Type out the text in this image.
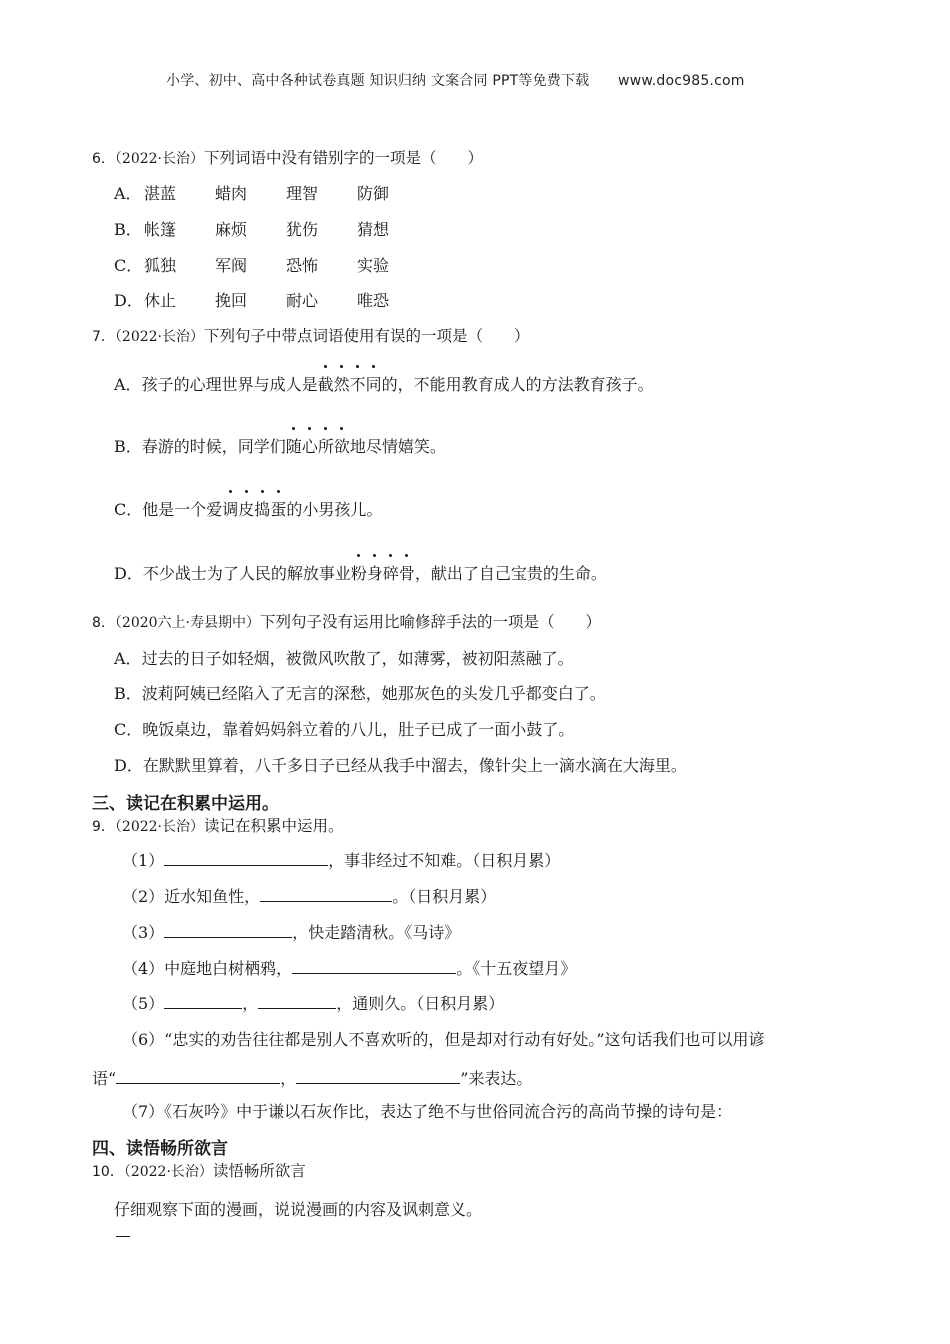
小学、初中、高中各种试卷真题 知识归纳 文案合同 PPT等免费下载 www.doc985.com
6．（2022·长治）下列词语中没有错别字的一项是（　　）
A． 湛蓝 蜡肉 理智 防御
B． 帐篷 麻烦 犹伤 猜想
C． 狐独 军阀 恐怖 实验
D．休止 挽回 耐心 唯恐
7．（2022·长治）下列句子中带点词语使用有误的一项是（　　）
A．孩子的心理世界与成人是截然不同的，不能用教育成人的方法教育孩子。
B．春游的时候，同学们随心所欲地尽情嬉笑。
C．他是一个爱调皮捣蛋的小男孩儿。
D．不少战士为了人民的解放事业粉身碎骨，献出了自己宝贵的生命。
8．（2020六上·寿县期中）下列句子没有运用比喻修辞手法的一项是（　　）
A．过去的日子如轻烟，被微风吹散了，如薄雾，被初阳蒸融了。
B．波莉阿姨已经陷入了无言的深愁，她那灰色的头发几乎都变白了。
C．晚饭桌边，靠着妈妈斜立着的八儿，肚子已成了一面小鼓了。
D．在默默里算着，八千多日子已经从我手中溜去，像针尖上一滴水滴在大海里。
三、读记在积累中运用。
9．（2022·长治）读记在积累中运用。
（1）	，事非经过不知难。（日积月累）
（2）近水知鱼性，	。（日积月累）
（3）	，快走踏清秋。《马诗》
（4）中庭地白树栖鸦，	。《十五夜望月》
（5）	，	，通则久。（日积月累）
（6）“忠实的劝告往往都是别人不喜欢听的，但是却对行动有好处。”这句话我们也可以用谚
语“	，	”来表达。
（7）《石灰吟》中于谦以石灰作比，表达了绝不与世俗同流合污的高尚节操的诗句是：
四、读悟畅所欲言
10．（2022·长治）读悟畅所欲言
仔细观察下面的漫画，说说漫画的内容及讽刺意义。
